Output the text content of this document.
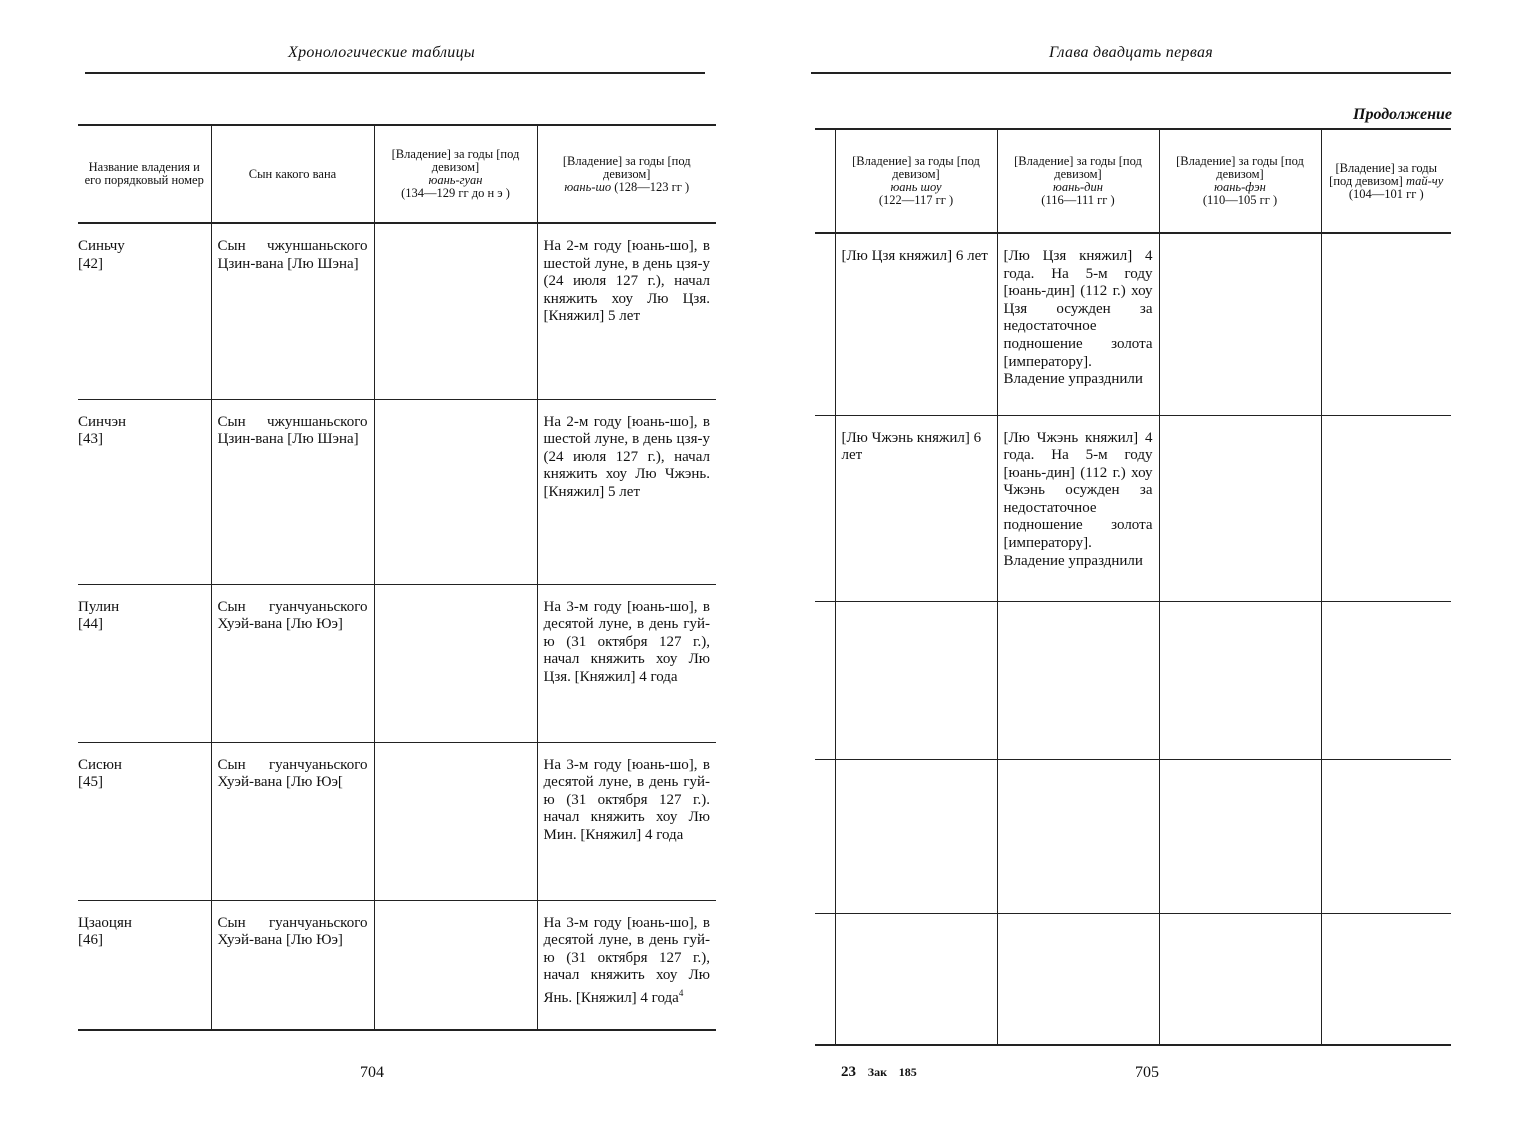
Хронологические таблицы
Название владения и его порядковый номер	Сын какого вана	[Владение] за годы [под девизом]
юань-гуан
(134—129 гг до н э )	[Владение] за годы [под девизом]
юань-шо (128—123 гг )
Синьчу
[42]	Сын чжуншаньского Цзин-вана [Лю Шэна]		На 2-м году [юань-шо], в шестой луне, в день цзя-у (24 июля 127 г.), начал княжить хоу Лю Цзя. [Княжил] 5 лет
Синчэн
[43]	Сын чжуншаньского Цзин-вана [Лю Шэна]		На 2-м году [юань-шо], в шестой луне, в день цзя-у (24 июля 127 г.), начал княжить хоу Лю Чжэнь. [Княжил] 5 лет
Пулин
[44]	Сын гуанчуаньского Хуэй-вана [Лю Юэ]		На 3-м году [юань-шо], в десятой луне, в день гуй-ю (31 октября 127 г.), начал княжить хоу Лю Цзя. [Княжил] 4 года
Сисюн
[45]	Сын гуанчуаньского Хуэй-вана [Лю Юэ[		На 3-м году [юань-шо], в десятой луне, в день гуй-ю (31 октября 127 г.). начал княжить хоу Лю Мин. [Княжил] 4 года
Цзаоцян
[46]	Сын гуанчуаньского Хуэй-вана [Лю Юэ]		На 3-м году [юань-шо], в десятой луне, в день гуй-ю (31 октября 127 г.), начал княжить хоу Лю Янь. [Княжил] 4 года$^4$
704
Глава двадцать первая
Продолжение
	[Владение] за годы [под девизом]
юань шоу
(122—117 гг )	[Владение] за годы [под девизом]
юань-дин
(116—111 гг )	[Владение] за годы [под девизом]
юань-фэн
(110—105 гг )	[Владение] за годы [под девизом] тай-чу
(104—101 гг )
	[Лю Цзя княжил] 6 лет	[Лю Цзя княжил] 4 года. На 5-м году [юань-дин] (112 г.) хоу Цзя осужден за недостаточное подношение золота [императору]. Владение упразднили		
	[Лю Чжэнь княжил] 6 лет	[Лю Чжэнь княжил] 4 года. На 5-м году [юань-дин] (112 г.) хоу Чжэнь осужден за недостаточное подношение золота [императору]. Владение упразднили		

23 Зак 185	705
